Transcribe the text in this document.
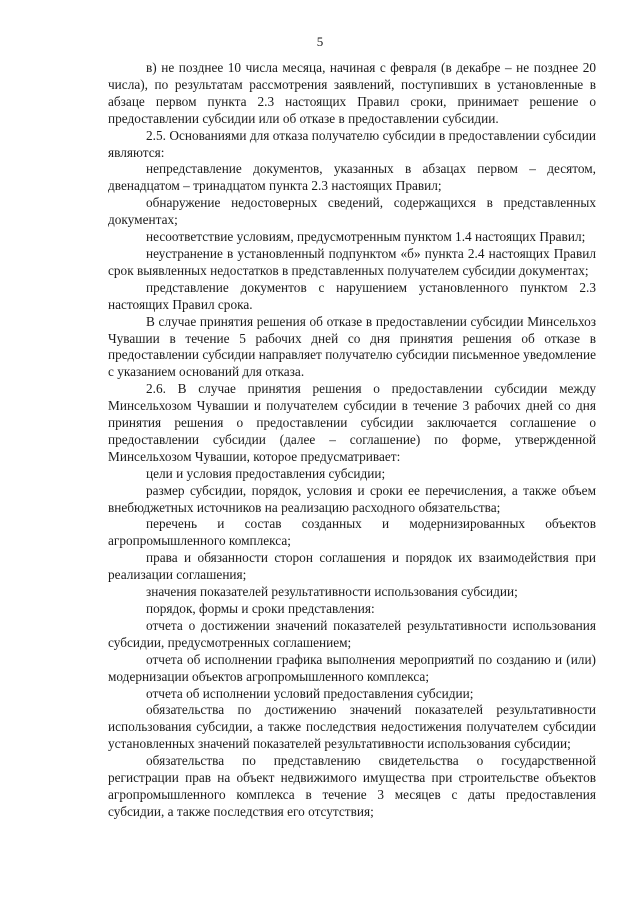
5

в) не позднее 10 числа месяца, начиная с февраля (в декабре – не позднее 20 числа), по результатам рассмотрения заявлений, поступивших в установленные в абзаце первом пункта 2.3 настоящих Правил сроки, принимает решение о предоставлении субсидии или об отказе в предоставлении субсидии.

2.5. Основаниями для отказа получателю субсидии в предоставлении субсидии являются:

непредставление документов, указанных в абзацах первом – десятом, двенадцатом – тринадцатом пункта 2.3 настоящих Правил;

обнаружение недостоверных сведений, содержащихся в представленных документах;

несоответствие условиям, предусмотренным пунктом 1.4 настоящих Правил;

неустранение в установленный подпунктом «б» пункта 2.4 настоящих Правил срок выявленных недостатков в представленных получателем субсидии документах;

представление документов с нарушением установленного пунктом 2.3 настоящих Правил срока.

В случае принятия решения об отказе в предоставлении субсидии Минсельхоз Чувашии в течение 5 рабочих дней со дня принятия решения об отказе в предоставлении субсидии направляет получателю субсидии письменное уведомление с указанием оснований для отказа.

2.6. В случае принятия решения о предоставлении субсидии между Минсельхозом Чувашии и получателем субсидии в течение 3 рабочих дней со дня принятия решения о предоставлении субсидии заключается соглашение о предоставлении субсидии (далее – соглашение) по форме, утвержденной Минсельхозом Чувашии, которое предусматривает:

цели и условия предоставления субсидии;

размер субсидии, порядок, условия и сроки ее перечисления, а также объем внебюджетных источников на реализацию расходного обязательства;

перечень и состав созданных и модернизированных объектов агропромышленного комплекса;

права и обязанности сторон соглашения и порядок их взаимодействия при реализации соглашения;

значения показателей результативности использования субсидии;

порядок, формы и сроки представления:

отчета о достижении значений показателей результативности использования субсидии, предусмотренных соглашением;

отчета об исполнении графика выполнения мероприятий по созданию и (или) модернизации объектов агропромышленного комплекса;

отчета об исполнении условий предоставления субсидии;

обязательства по достижению значений показателей результативности использования субсидии, а также последствия недостижения получателем субсидии установленных значений показателей результативности использования субсидии;

обязательства по представлению свидетельства о государственной регистрации прав на объект недвижимого имущества при строительстве объектов агропромышленного комплекса в течение 3 месяцев с даты предоставления субсидии, а также последствия его отсутствия;
